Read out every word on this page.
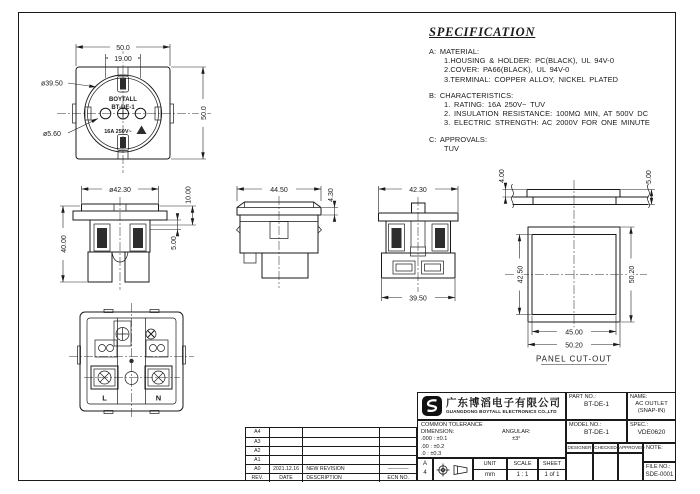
BOYTALL
BT-DE-1
16A 250V~
50.0
19.00
50.0
ø39.50
ø5.60
ø42.30
40.00
10.00
5.00
44.50	4.30	42.30
39.50
4.00	5.00
42.50	50.20
45.00
50.20
PANEL CUT-OUT
L	N
SPECIFICATION
A: MATERIAL:
1.HOUSING & HOLDER: PC(BLACK), UL 94V-0
2.COVER: PA66(BLACK), UL 94V-0
3.TERMINAL: COPPER ALLOY, NICKEL PLATED
B: CHARACTERISTICS:
1. RATING: 16A 250V~ TUV
2. INSULATION RESISTANCE: 100MΩ MIN, AT 500V DC
3. ELECTRIC STRENGTH: AC 2000V FOR ONE MINUTE
C: APPROVALS:
TUV
A4
A3
A2
A1
A0	2021.12.16	NEW REVISION	————
REV.	DATE	DESCRIPTION	ECN NO.
广东博滔电子有限公司
GUANGDONG BOYTALL ELECTRONICS CO.,LTD
COMMON TOLERANCE
DIMENSION:
.000 : ±0.1
.00 : ±0.2
.0 : ±0.3
ANGULAR:
±3°
A
4
UNIT
mm
SCALE
1 : 1
SHEET
1 of 1
PART NO.:
BT-DE-1
NAME:
AC OUTLET
(SNAP-IN)
MODEL NO.:
BT-DE-1
SPEC.:
VDE0620
DESIGNER CHECKED APPROVED NOTE:
FILE NO.:
SDE-0001
